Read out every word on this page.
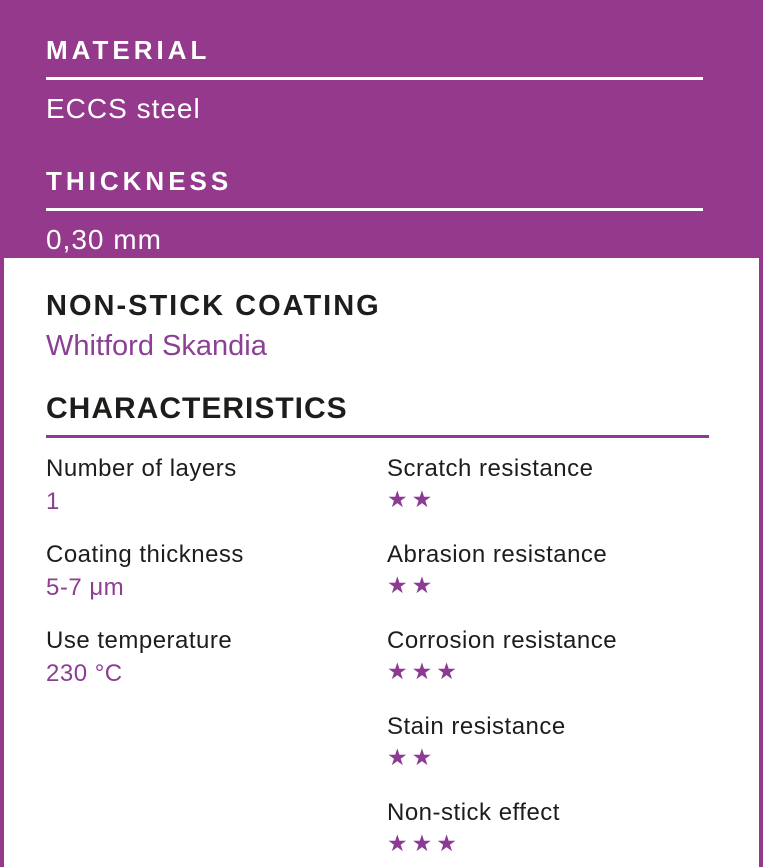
MATERIAL
ECCS steel
THICKNESS
0,30 mm
NON-STICK COATING
Whitford Skandia
CHARACTERISTICS
Number of layers
1
Coating thickness
5-7 μm
Use temperature
230 °C
Scratch resistance
★★
Abrasion resistance
★★
Corrosion resistance
★★★
Stain resistance
★★
Non-stick effect
★★★
